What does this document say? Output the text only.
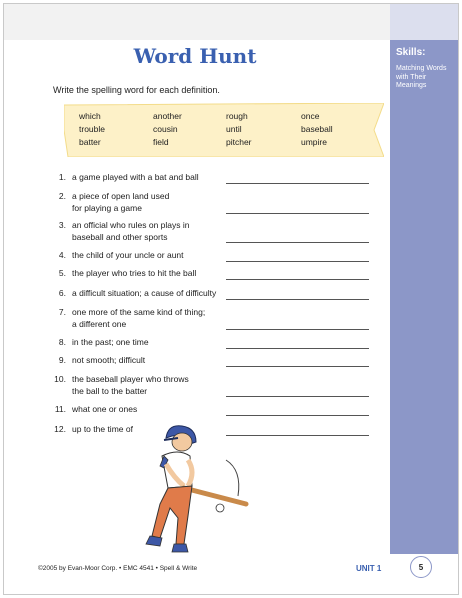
Skills:
Matching Words with Their Meanings
Word Hunt
Write the spelling word for each definition.
which	another	rough	once
trouble	cousin	until	baseball
batter	field	pitcher	umpire
1. a game played with a bat and ball
2. a piece of open land used
for playing a game
3. an official who rules on plays in
baseball and other sports
4. the child of your uncle or aunt
5. the player who tries to hit the ball
6. a difficult situation; a cause of difficulty
7. one more of the same kind of thing;
a different one
8. in the past; one time
9. not smooth; difficult
10. the baseball player who throws
the ball to the batter
11. what one or ones
12. up to the time of
©2005 by Evan-Moor Corp. • EMC 4541 • Spell & Write	UNIT 1	5
